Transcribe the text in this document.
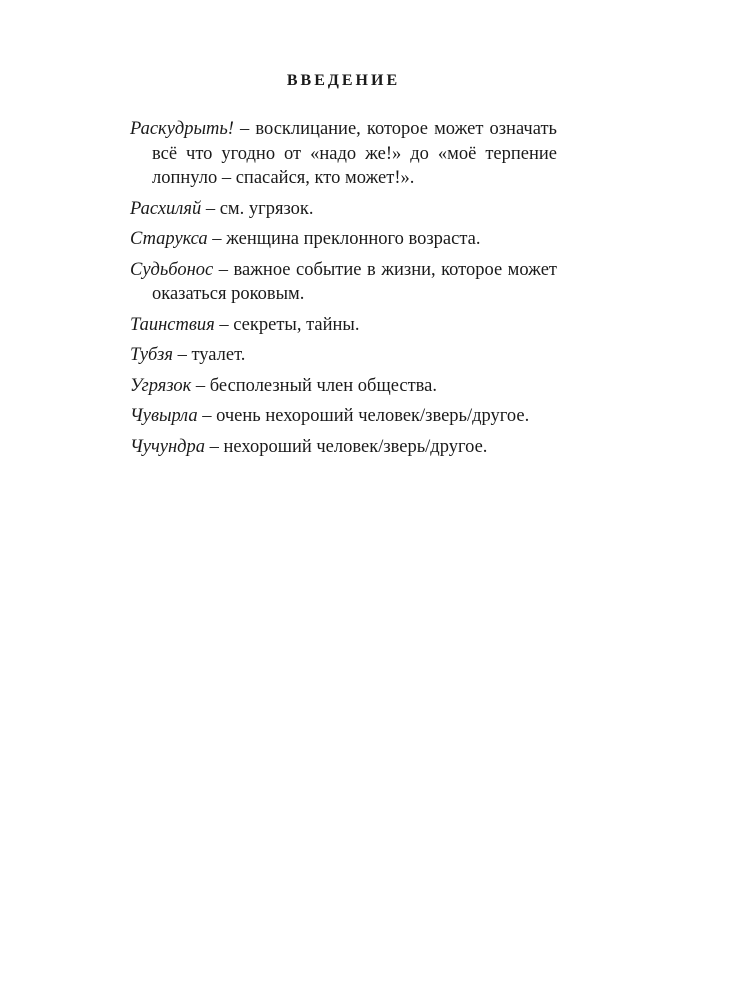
ВВЕДЕНИЕ

Раскудрыть! – восклицание, которое может означать всё что угодно от «надо же!» до «моё терпение лопнуло – спасайся, кто может!».

Расхиляй – см. угрязок.

Старукса – женщина преклонного возраста.

Судьбонос – важное событие в жизни, которое может оказаться роковым.

Таинствия – секреты, тайны.

Тубзя – туалет.

Угрязок – бесполезный член общества.

Чувырла – очень нехороший человек/зверь/другое.

Чучундра – нехороший человек/зверь/другое.
